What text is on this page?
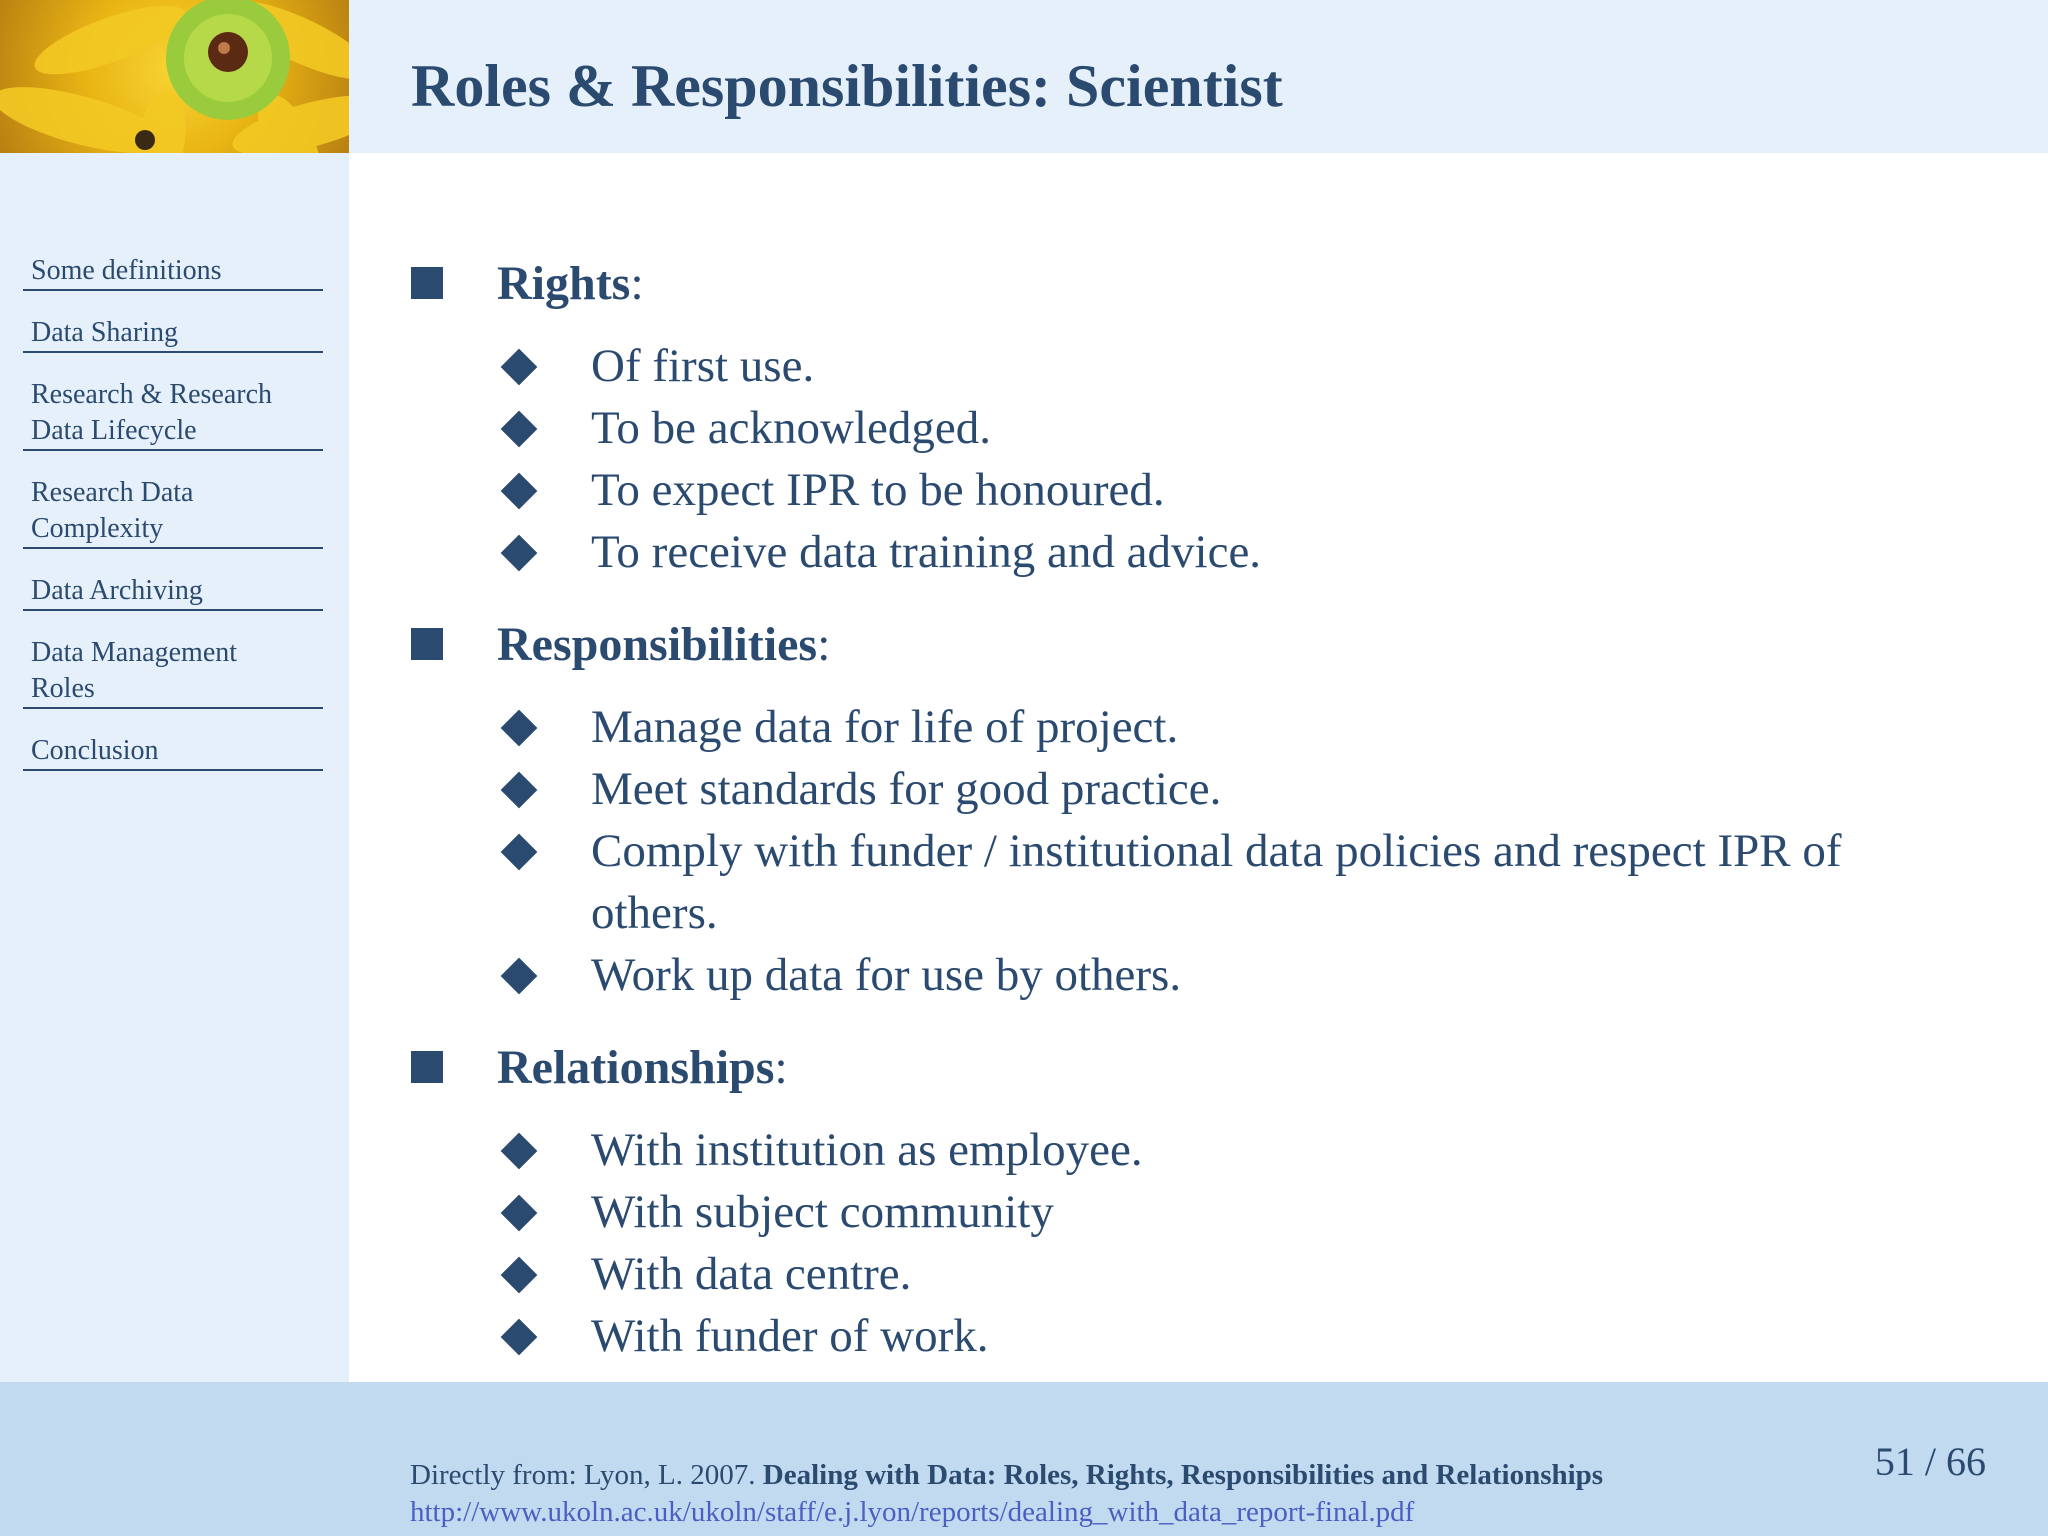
Roles & Responsibilities: Scientist
Some definitions
Data Sharing
Research & Research
Data Lifecycle
Research Data
Complexity
Data Archiving
Data Management
Roles
Conclusion
Rights:
Of first use.
To be acknowledged.
To expect IPR to be honoured.
To receive data training and advice.
Responsibilities:
Manage data for life of project.
Meet standards for good practice.
Comply with funder / institutional data policies and respect IPR of others.
Work up data for use by others.
Relationships:
With institution as employee.
With subject community
With data centre.
With funder of work.
Directly from: Lyon, L. 2007. Dealing with Data: Roles, Rights, Responsibilities and Relationships
http://www.ukoln.ac.uk/ukoln/staff/e.j.lyon/reports/dealing_with_data_report-final.pdf
51 / 66
